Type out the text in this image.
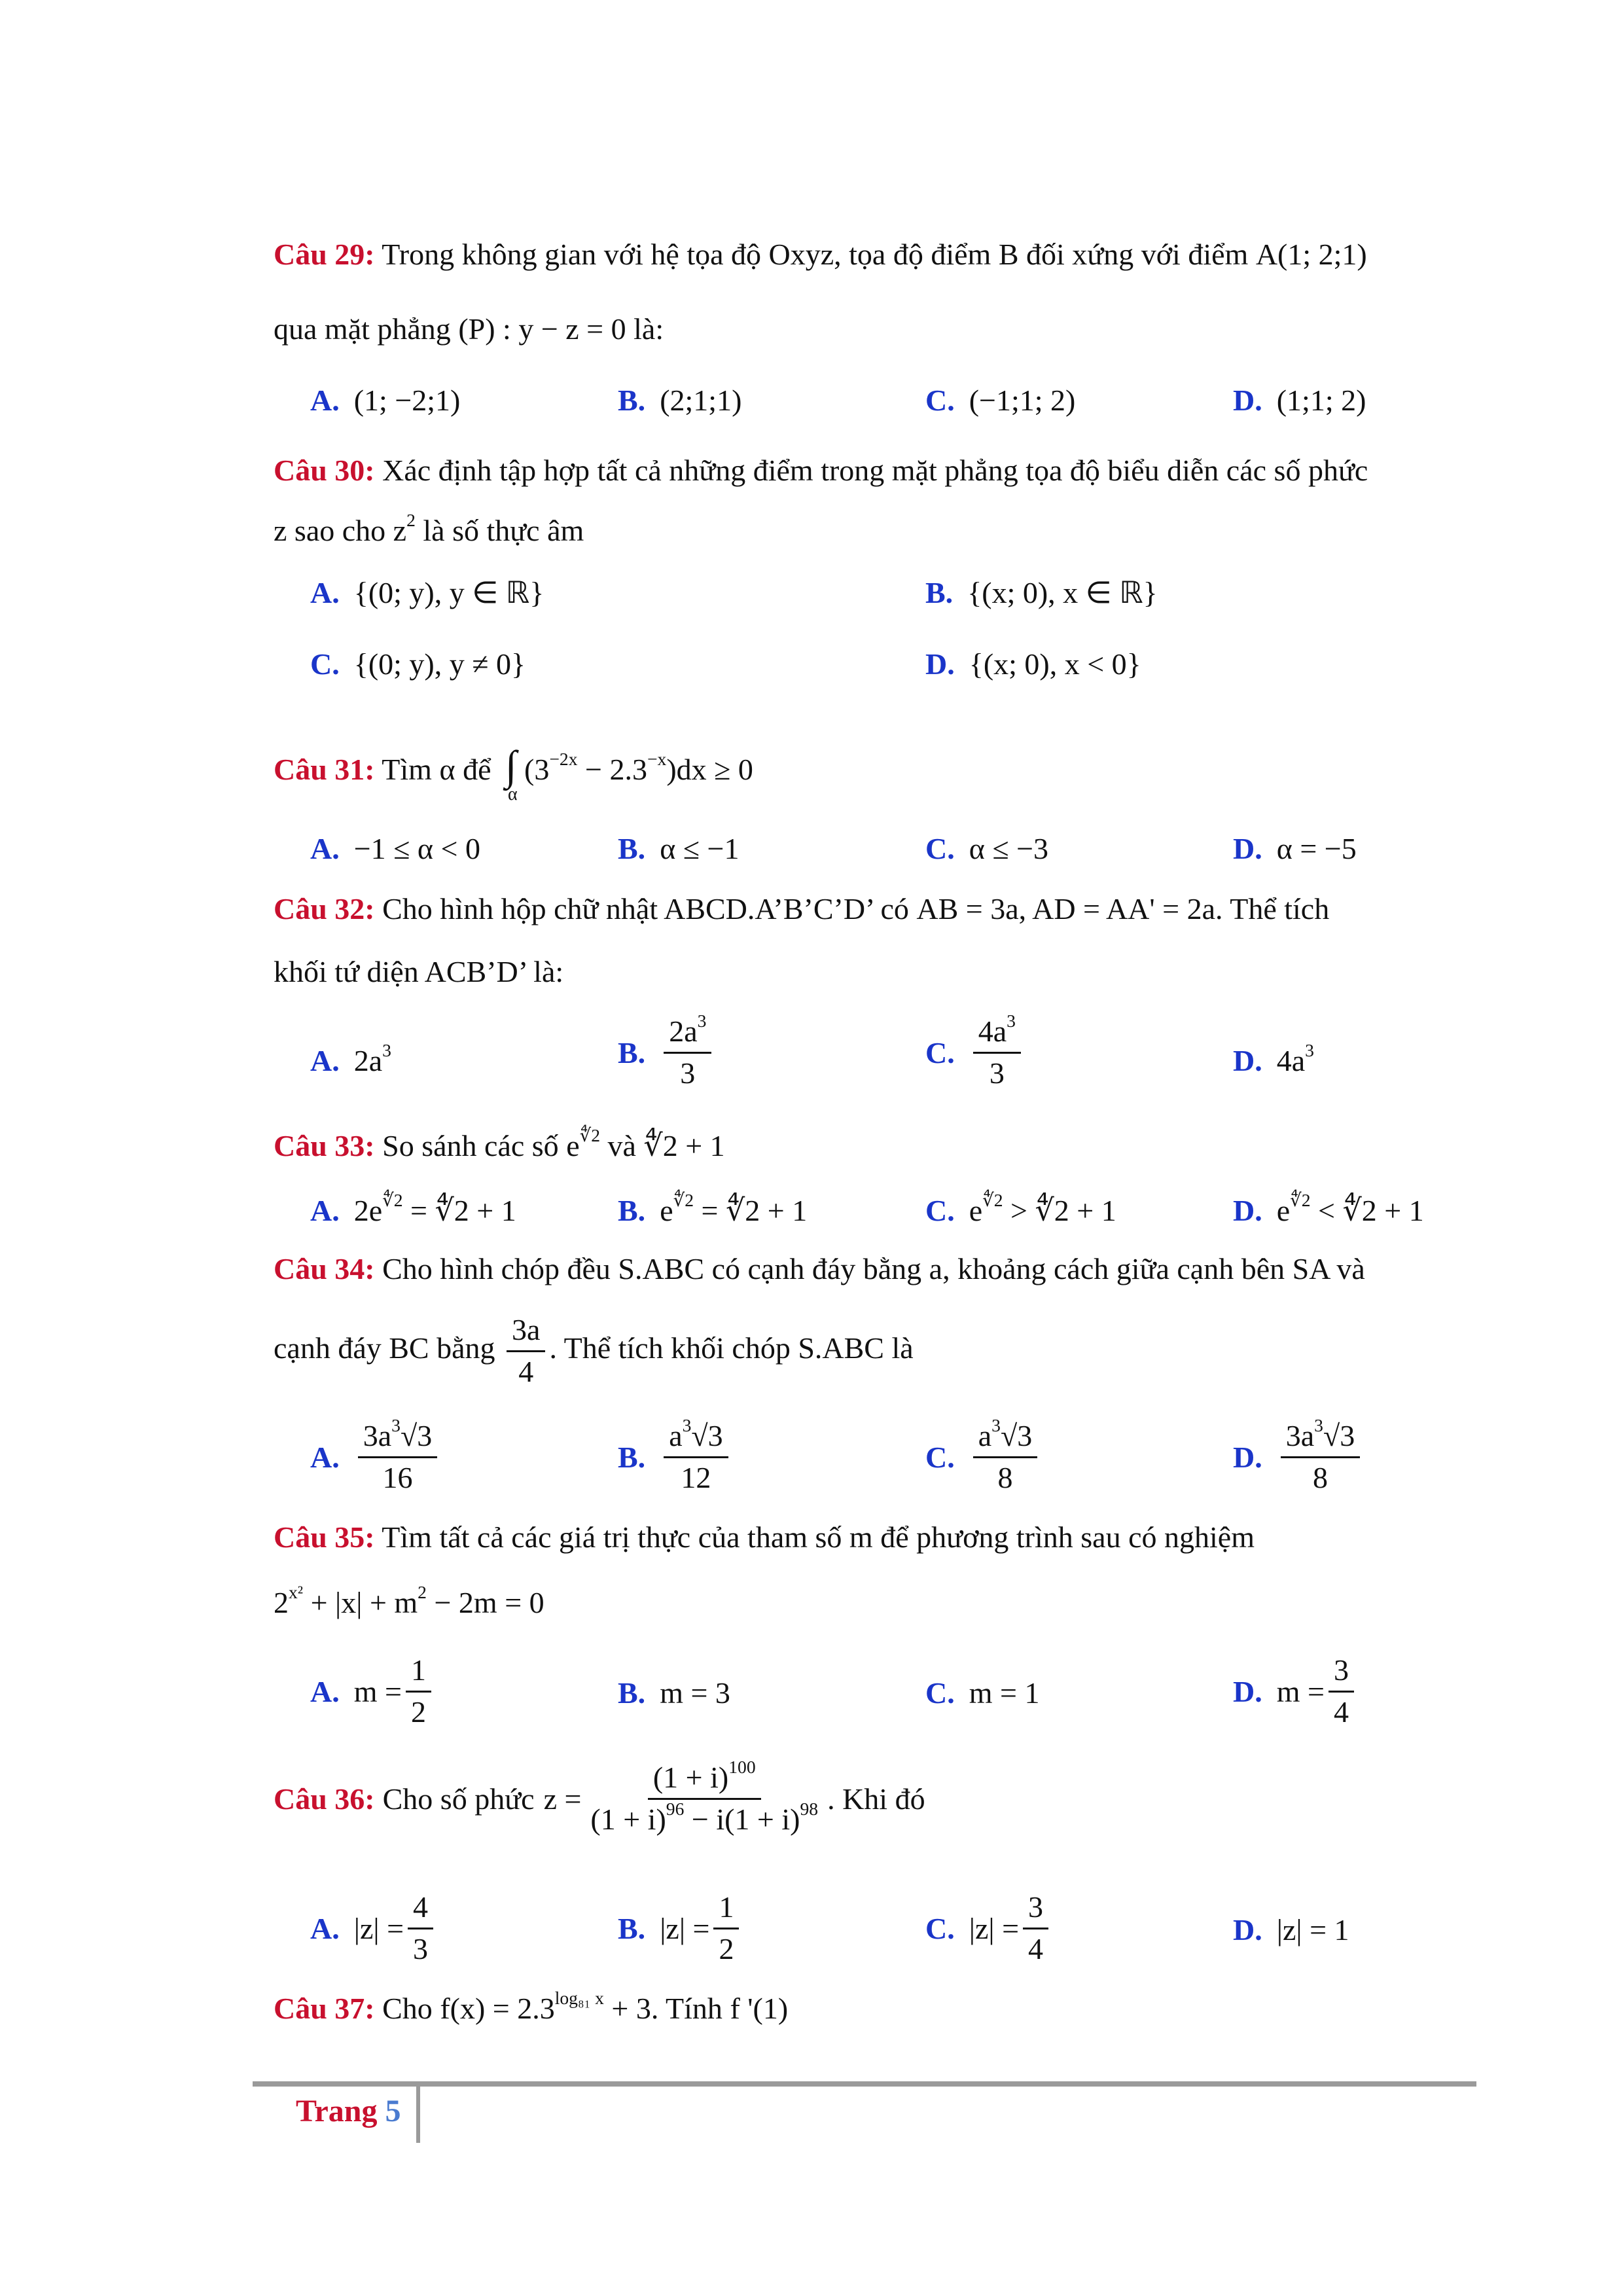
Câu 29: Trong không gian với hệ tọa độ Oxyz, tọa độ điểm B đối xứng với điểm A(1; 2;1)
qua mặt phẳng (P) : y − z = 0 là:
A. (1; −2;1)	B. (2;1;1)	C. (−1;1; 2)	D. (1;1; 2)
Câu 30: Xác định tập hợp tất cả những điểm trong mặt phẳng tọa độ biểu diễn các số phức
z sao cho $z^2$ là số thực âm
A. {(0; y), y ∈ ℝ}	B. {(x; 0), x ∈ ℝ}
C. {(0; y), y ≠ 0}	D. {(x; 0), x < 0}
Câu 31: Tìm α để ∫
α
$(3^{-2x} - 2.3^{-x})dx \ge 0$
A. −1 ≤ α < 0	B. α ≤ −1	C. α ≤ −3	D. α = −5
Câu 32: Cho hình hộp chữ nhật ABCD.A’B’C’D’ có AB = 3a, AD = AA' = 2a. Thể tích
khối tứ diện ACB’D’ là:
A. $2a^3$	B. $\frac{2a^3}{3}$	C. $\frac{4a^3}{3}$	D. $4a^3$
Câu 33: So sánh các số $e^{∜2}$ và ∜2 + 1
A. $2e^{∜2}$ = ∜2 + 1	B. $e^{∜2}$ = ∜2 + 1	C. $e^{∜2}$ > ∜2 + 1	D. $e^{∜2}$ < ∜2 + 1
Câu 34: Cho hình chóp đều S.ABC có cạnh đáy bằng a, khoảng cách giữa cạnh bên SA và
cạnh đáy BC bằng $\frac{3a}{4}$ . Thể tích khối chóp S.ABC là
A. $\frac{3a^3√3}{16}$	B. $\frac{a^3√3}{12}$	C. $\frac{a^3√3}{8}$	D. $\frac{3a^3√3}{8}$
Câu 35: Tìm tất cả các giá trị thực của tham số m để phương trình sau có nghiệm
$2^{x^2} + |x| + m^2 - 2m = 0$
A. $m = \frac{1}{2}$	B. m = 3	C. m = 1	D. $m = \frac{3}{4}$
Câu 36: Cho số phức $z = \frac{(1 + i)^{100}}{(1 + i)^{96} - i(1 + i)^{98}}$ . Khi đó
A. $|z| = \frac{4}{3}$	B. $|z| = \frac{1}{2}$	C. $|z| = \frac{3}{4}$	D. |z| = 1
Câu 37: Cho $f(x) = 2.3^{log_{81} x} + 3$. Tính f '(1)
Trang 5
